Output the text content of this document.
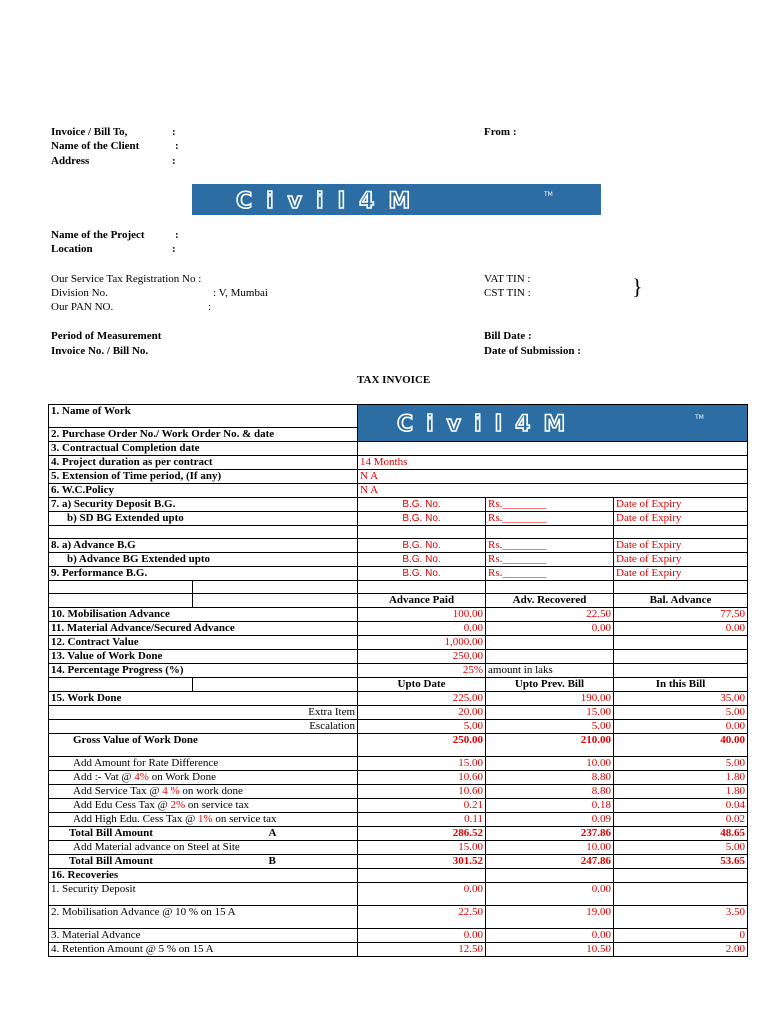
Invoice / Bill To,	:
Name of the Client	:
Address	:
From :
Civil4M	TM
Name of the Project	:
Location	:
Our Service Tax Registration No :
Division No.	: V, Mumbai
Our PAN NO.	:
VAT TIN :
CST TIN :	}
Period of Measurement
Invoice No. / Bill No.
Bill Date :
Date of Submission :
TAX INVOICE
1. Name of Work		Civil4M TM		

2. Purchase Order No./ Work Order No. & date				
3. Contractual Completion date				
4. Project duration as per contract		14 Months		
5. Extension of Time period, (If any)		N A		
6. W.C.Policy		N A		
7. a) Security Deposit B.G.		B.G. No.	Rs.________	Date of Expiry
b) SD BG Extended upto		B.G. No.	Rs.________	Date of Expiry

8. a) Advance B.G		B.G. No.	Rs.________	Date of Expiry
b) Advance BG Extended upto		B.G. No.	Rs.________	Date of Expiry
9. Performance B.G.		B.G. No.	Rs.________	Date of Expiry

		Advance Paid	Adv. Recovered	Bal. Advance
10. Mobilisation Advance		100.00	22.50	77.50
11. Material Advance/Secured Advance		0.00	0.00	0.00
12. Contract Value		1,000.00		
13. Value of Work Done		250.00		
14. Percentage Progress (%)		25%	amount in laks	
		Upto Date	Upto Prev. Bill	In this Bill
15. Work Done		225.00	190.00	35.00
Extra Item		20.00	15.00	5.00
Escalation		5.00	5.00	0.00
Gross Value of Work Done		250.00	210.00	40.00
Add Amount for Rate Difference		15.00	10.00	5.00
Add :- Vat @ 4% on Work Done		10.60	8.80	1.80
Add Service Tax @ 4 % on work done		10.60	8.80	1.80
Add Edu Cess Tax @ 2% on service tax		0.21	0.18	0.04
Add High Edu. Cess Tax @ 1% on service tax		0.11	0.09	0.02
Total Bill Amount	A	286.52	237.86	48.65
Add Material advance on Steel at Site		15.00	10.00	5.00
Total Bill Amount	B	301.52	247.86	53.65
16. Recoveries				
1. Security Deposit		0.00	0.00	
2. Mobilisation Advance @ 10 % on 15 A		22.50	19.00	3.50
3. Material Advance		0.00	0.00	0
4. Retention Amount @ 5 % on 15 A		12.50	10.50	2.00
